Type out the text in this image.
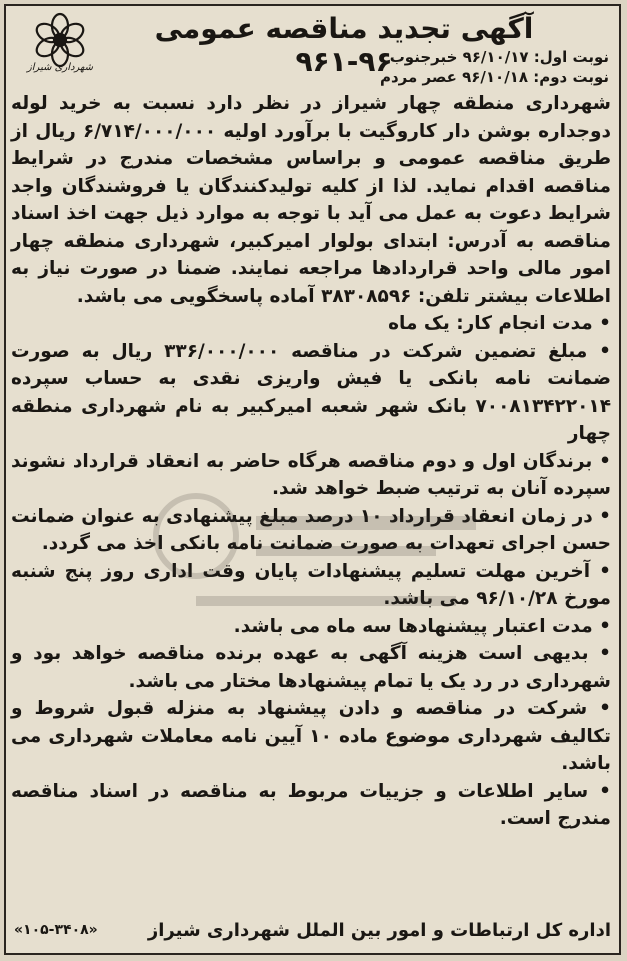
شهرداری شیراز
آگهی تجدید مناقصه عمومی ۹۶-۹۶۱
نوبت اول: ۹۶/۱۰/۱۷ خبرجنوب
نوبت دوم: ۹۶/۱۰/۱۸ عصر مردم

شهرداری منطقه چهار شیراز در نظر دارد نسبت به خرید لوله دوجداره بوشن دار کاروگیت با برآورد اولیه ۶/۷۱۴/۰۰۰/۰۰۰ ریال از طریق مناقصه عمومی و براساس مشخصات مندرج در شرایط مناقصه اقدام نماید. لذا از کلیه تولیدکنندگان یا فروشندگان واجد شرایط دعوت به عمل می آید با توجه به موارد ذیل جهت اخذ اسناد مناقصه به آدرس: ابتدای بولوار امیرکبیر، شهرداری منطقه چهار امور مالی واحد قراردادها مراجعه نمایند. ضمنا در صورت نیاز به اطلاعات بیشتر تلفن: ۳۸۳۰۸۵۹۶ آماده پاسخگویی می باشد.

• مدت انجام کار: یک ماه

• مبلغ تضمین شرکت در مناقصه ۳۳۶/۰۰۰/۰۰۰ ریال به صورت ضمانت نامه بانکی یا فیش واریزی نقدی به حساب سپرده ۷۰۰۸۱۳۴۲۲۰۱۴ بانک شهر شعبه امیرکبیر به نام شهرداری منطقه چهار

• برندگان اول و دوم مناقصه هرگاه حاضر به انعقاد قرارداد نشوند سپرده آنان به ترتیب ضبط خواهد شد.

• در زمان انعقاد قرارداد ۱۰ درصد مبلغ پیشنهادی به عنوان ضمانت حسن اجرای تعهدات به صورت ضمانت نامه بانکی اخذ می گردد.

• آخرین مهلت تسلیم پیشنهادات پایان وقت اداری روز پنج شنبه مورخ ۹۶/۱۰/۲۸ می باشد.

• مدت اعتبار پیشنهادها سه ماه می باشد.

• بدیهی است هزینه آگهی به عهده برنده مناقصه خواهد بود و شهرداری در رد یک یا تمام پیشنهادها مختار می باشد.

• شرکت در مناقصه و دادن پیشنهاد به منزله قبول شروط و تکالیف شهرداری موضوع ماده ۱۰ آیین نامه معاملات شهرداری می باشد.

• سایر اطلاعات و جزییات مربوط به مناقصه در اسناد مناقصه مندرج است.

اداره کل ارتباطات و امور بین الملل شهرداری شیراز
«۱۰۵-۳۴۰۸»
